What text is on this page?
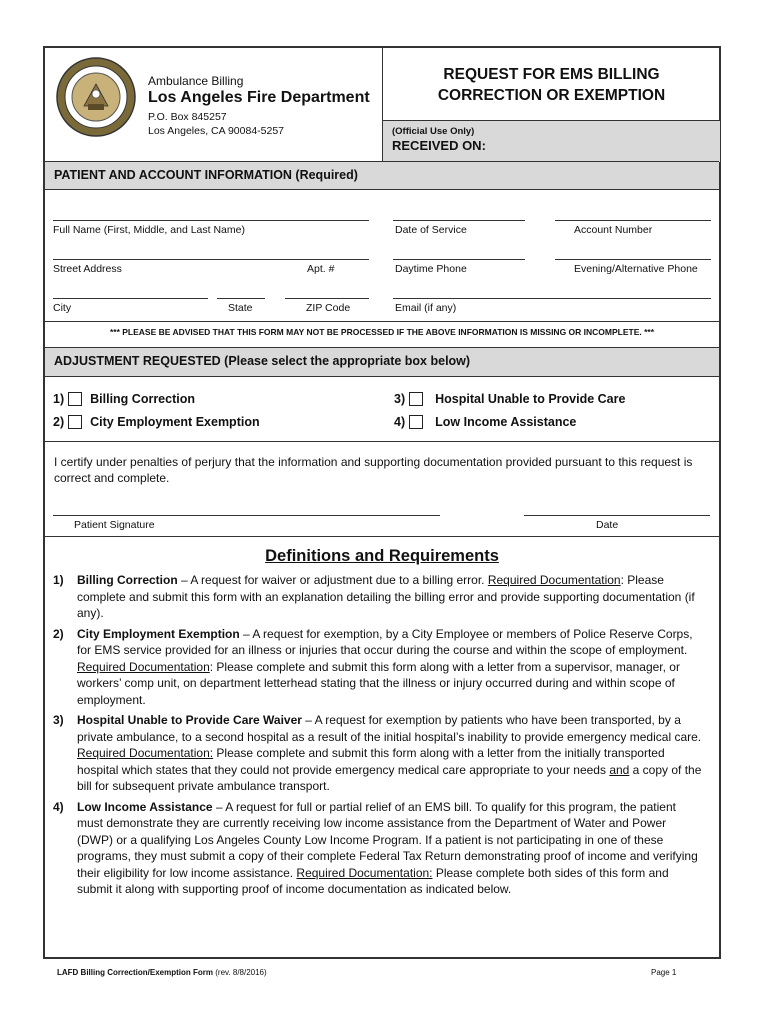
Ambulance Billing
Los Angeles Fire Department
P.O. Box 845257
Los Angeles, CA 90084-5257
REQUEST FOR EMS BILLING
CORRECTION OR EXEMPTION
(Official Use Only)
RECEIVED ON:
PATIENT AND ACCOUNT INFORMATION (Required)
Full Name (First, Middle, and Last Name)	Date of Service	Account Number
Street Address	Apt. #	Daytime Phone	Evening/Alternative Phone
City	State	ZIP Code	Email (if any)
*** PLEASE BE ADVISED THAT THIS FORM MAY NOT BE PROCESSED IF THE ABOVE INFORMATION IS MISSING OR INCOMPLETE. ***
ADJUSTMENT REQUESTED (Please select the appropriate box below)
1) Billing Correction
2) City Employment Exemption
3) Hospital Unable to Provide Care
4) Low Income Assistance
I certify under penalties of perjury that the information and supporting documentation provided pursuant to this request is correct and complete.
Patient Signature	Date
Definitions and Requirements
1)	Billing Correction – A request for waiver or adjustment due to a billing error. Required Documentation: Please complete and submit this form with an explanation detailing the billing error and provide supporting documentation (if any).
2)	City Employment Exemption – A request for exemption, by a City Employee or members of Police Reserve Corps, for EMS service provided for an illness or injuries that occur during the course and within the scope of employment. Required Documentation: Please complete and submit this form along with a letter from a supervisor, manager, or workers’ comp unit, on department letterhead stating that the illness or injury occurred during and within scope of employment.
3)	Hospital Unable to Provide Care Waiver – A request for exemption by patients who have been transported, by a private ambulance, to a second hospital as a result of the initial hospital’s inability to provide emergency medical care. Required Documentation: Please complete and submit this form along with a letter from the initially transported hospital which states that they could not provide emergency medical care appropriate to your needs and a copy of the bill for subsequent private ambulance transport.
4)	Low Income Assistance – A request for full or partial relief of an EMS bill. To qualify for this program, the patient must demonstrate they are currently receiving low income assistance from the Department of Water and Power (DWP) or a qualifying Los Angeles County Low Income Program. If a patient is not participating in one of these programs, they must submit a copy of their complete Federal Tax Return demonstrating proof of income and verifying their eligibility for low income assistance. Required Documentation: Please complete both sides of this form and submit it along with supporting proof of income documentation as indicated below.
LAFD Billing Correction/Exemption Form (rev. 8/8/2016)	Page 1
